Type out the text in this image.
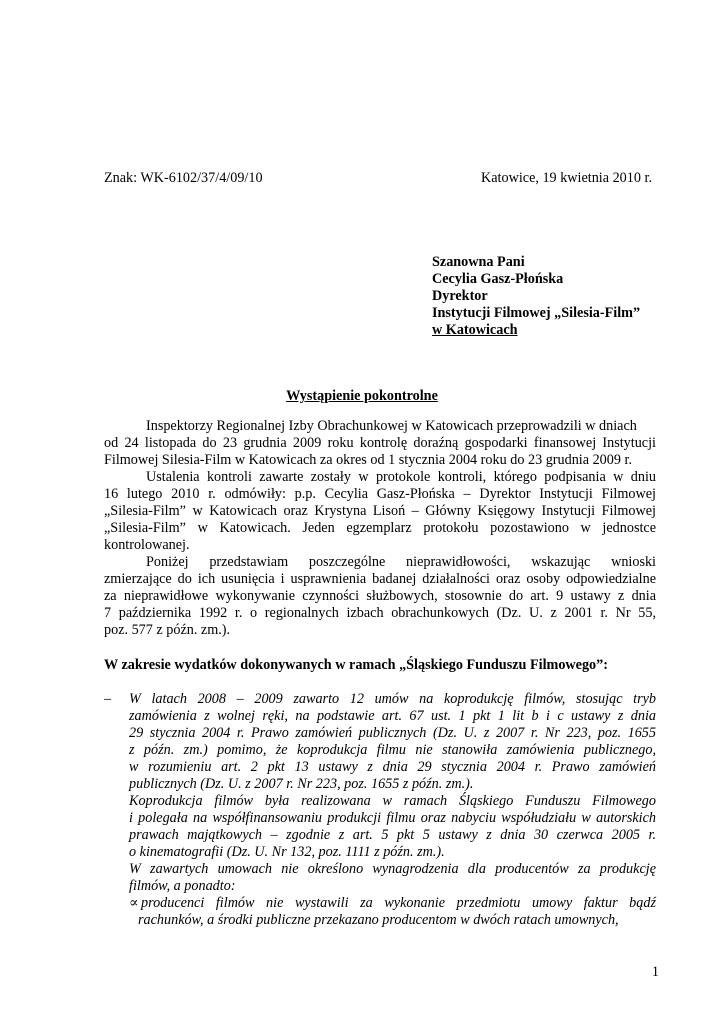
Znak: WK-6102/37/4/09/10	Katowice, 19 kwietnia 2010 r.
Szanowna Pani
Cecylia Gasz-Płońska
Dyrektor
Instytucji Filmowej „Silesia-Film”
w Katowicach
Wystąpienie pokontrolne
Inspektorzy Regionalnej Izby Obrachunkowej w Katowicach przeprowadzili w dniach
od 24 listopada do 23 grudnia 2009 roku kontrolę doraźną gospodarki finansowej Instytucji
Filmowej Silesia-Film w Katowicach za okres od 1 stycznia 2004 roku do 23 grudnia 2009 r.
Ustalenia kontroli zawarte zostały w protokole kontroli, którego podpisania w dniu
16 lutego 2010 r. odmówiły: p.p. Cecylia Gasz-Płońska – Dyrektor Instytucji Filmowej
„Silesia-Film” w Katowicach oraz Krystyna Lisoń – Główny Księgowy Instytucji Filmowej
„Silesia-Film” w Katowicach. Jeden egzemplarz protokołu pozostawiono w jednostce
kontrolowanej.
Poniżej przedstawiam poszczególne nieprawidłowości, wskazując wnioski
zmierzające do ich usunięcia i usprawnienia badanej działalności oraz osoby odpowiedzialne
za nieprawidłowe wykonywanie czynności służbowych, stosownie do art. 9 ustawy z dnia
7 października 1992 r. o regionalnych izbach obrachunkowych (Dz. U. z 2001 r. Nr 55,
poz. 577 z późn. zm.).
W zakresie wydatków dokonywanych w ramach „Śląskiego Funduszu Filmowego”:
– W latach 2008 – 2009 zawarto 12 umów na koprodukcję filmów, stosując tryb
zamówienia z wolnej ręki, na podstawie art. 67 ust. 1 pkt 1 lit b i c ustawy z dnia
29 stycznia 2004 r. Prawo zamówień publicznych (Dz. U. z 2007 r. Nr 223, poz. 1655
z późn. zm.) pomimo, że koprodukcja filmu nie stanowiła zamówienia publicznego,
w rozumieniu art. 2 pkt 13 ustawy z dnia 29 stycznia 2004 r. Prawo zamówień
publicznych (Dz. U. z 2007 r. Nr 223, poz. 1655 z późn. zm.).
Koprodukcja filmów była realizowana w ramach Śląskiego Funduszu Filmowego
i polegała na współfinansowaniu produkcji filmu oraz nabyciu współudziału w autorskich
prawach majątkowych – zgodnie z art. 5 pkt 5 ustawy z dnia 30 czerwca 2005 r.
o kinematografii (Dz. U. Nr 132, poz. 1111 z późn. zm.).
W zawartych umowach nie określono wynagrodzenia dla producentów za produkcję
filmów, a ponadto:
∝ producenci filmów nie wystawili za wykonanie przedmiotu umowy faktur bądź
rachunków, a środki publiczne przekazano producentom w dwóch ratach umownych,
1
